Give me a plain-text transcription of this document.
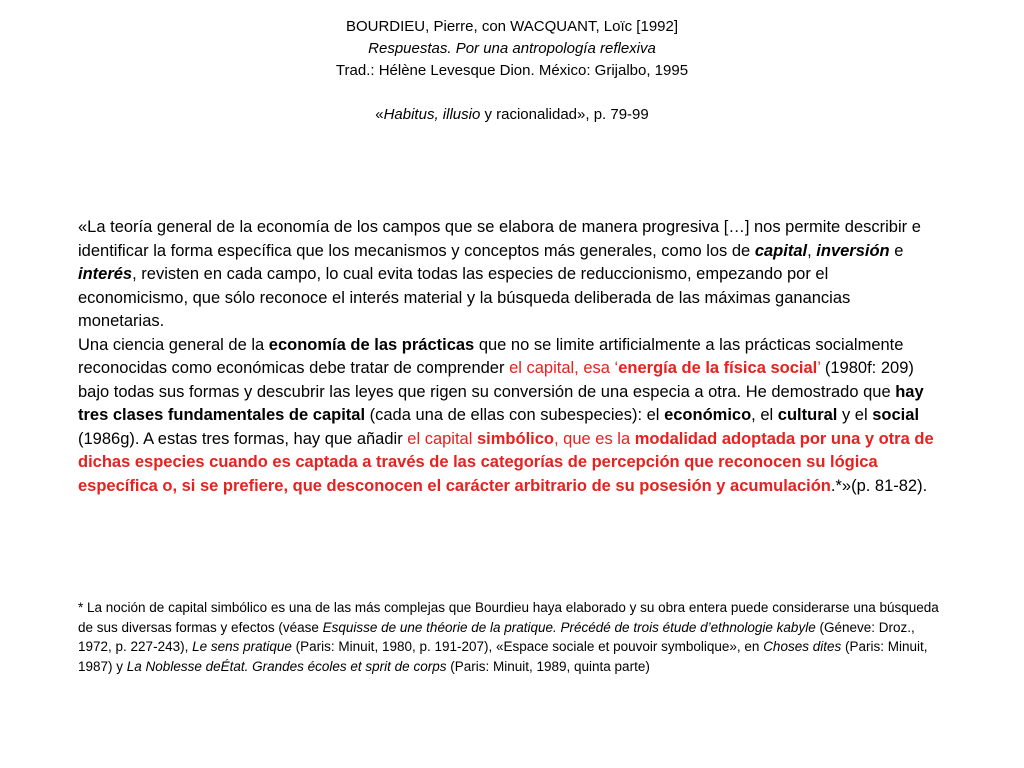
BOURDIEU, Pierre, con WACQUANT, Loïc [1992]
Respuestas. Por una antropología reflexiva
Trad.: Hélène Levesque Dion. México: Grijalbo, 1995
«Habitus, illusio y racionalidad», p. 79-99

«La teoría general de la economía de los campos que se elabora de manera progresiva […] nos permite describir e identificar la forma específica que los mecanismos y conceptos más generales, como los de capital, inversión e interés, revisten en cada campo, lo cual evita todas las especies de reduccionismo, empezando por el economicismo, que sólo reconoce el interés material y la búsqueda deliberada de las máximas ganancias monetarias.

Una ciencia general de la economía de las prácticas que no se limite artificialmente a las prácticas socialmente reconocidas como económicas debe tratar de comprender el capital, esa ‘energía de la física social’ (1980f: 209) bajo todas sus formas y descubrir las leyes que rigen su conversión de una especia a otra. He demostrado que hay tres clases fundamentales de capital (cada una de ellas con subespecies): el económico, el cultural y el social (1986g). A estas tres formas, hay que añadir el capital simbólico, que es la modalidad adoptada por una y otra de dichas especies cuando es captada a través de las categorías de percepción que reconocen su lógica específica o, si se prefiere, que desconocen el carácter arbitrario de su posesión y acumulación.*»(p. 81-82).

* La noción de capital simbólico es una de las más complejas que Bourdieu haya elaborado y su obra entera puede considerarse una búsqueda de sus diversas formas y efectos (véase Esquisse de une théorie de la pratique. Précédé de trois étude d’ethnologie kabyle (Géneve: Droz., 1972, p. 227-243), Le sens pratique (Paris: Minuit, 1980, p. 191-207), «Espace sociale et pouvoir symbolique», en Choses dites (Paris: Minuit, 1987) y La Noblesse deÉtat. Grandes écoles et sprit de corps (Paris: Minuit, 1989, quinta parte)
